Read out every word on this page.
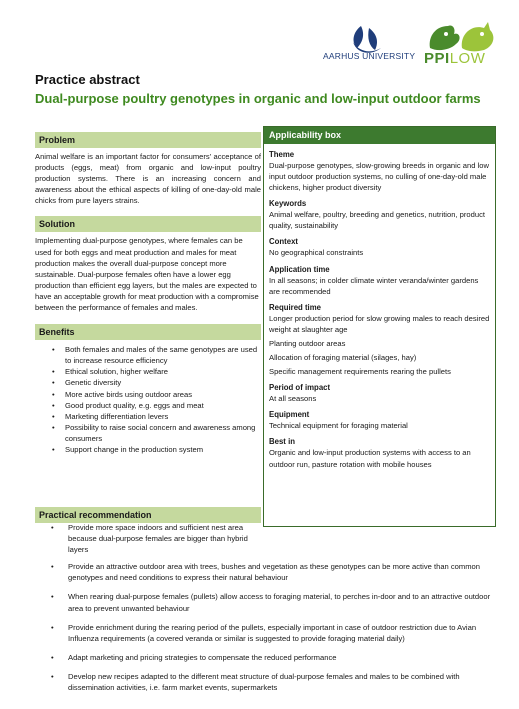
AARHUS UNIVERSITY PPILOW
Practice abstract
Dual-purpose poultry genotypes in organic and low-input outdoor farms
Problem

Animal welfare is an important factor for consumers’ acceptance of products (eggs, meat) from organic and low-input poultry production systems. There is an increasing concern and awareness about the ethical aspects of killing of one-day-old male chicks from pure layers strains.

Solution

Implementing dual-purpose genotypes, where females can be used for both eggs and meat production and males for meat production makes the overall dual-purpose concept more sustainable. Dual-purpose females often have a lower egg production than efficient egg layers, but the males are expected to have an acceptable growth for meat production with a compromise between the performance of females and males.

Benefits
• Both females and males of the same genotypes are used to increase resource efficiency
• Ethical solution, higher welfare
• Genetic diversity
• More active birds using outdoor areas
• Good product quality, e.g. eggs and meat
• Marketing differentiation levers
• Possibility to raise social concern and awareness among consumers
• Support change in the production system
Applicability box
Theme
Dual-purpose genotypes, slow-growing breeds in organic and low input outdoor production systems, no culling of one-day-old male chickens, higher product diversity
Keywords
Animal welfare, poultry, breeding and genetics, nutrition, product quality, sustainability
Context
No geographical constraints
Application time
In all seasons; in colder climate winter veranda/winter gardens are recommended
Required time
Longer production period for slow growing males to reach desired weight at slaughter age
Planting outdoor areas
Allocation of foraging material (silages, hay)
Specific management requirements rearing the pullets
Period of impact
At all seasons
Equipment
Technical equipment for foraging material
Best in
Organic and low-input production systems with access to an outdoor run, pasture rotation with mobile houses
Practical recommendation
• Provide more space indoors and sufficient nest area because dual-purpose females are bigger than hybrid layers
• Provide an attractive outdoor area with trees, bushes and vegetation as these genotypes can be more active than common genotypes and need conditions to express their natural behaviour
• When rearing dual-purpose females (pullets) allow access to foraging material, to perches in-door and to an attractive outdoor area to prevent unwanted behaviour
• Provide enrichment during the rearing period of the pullets, especially important in case of outdoor restriction due to Avian Influenza requirements (a covered veranda or similar is suggested to provide foraging material daily)
• Adapt marketing and pricing strategies to compensate the reduced performance
• Develop new recipes adapted to the different meat structure of dual-purpose females and males to be combined with dissemination activities, i.e. farm market events, supermarkets
